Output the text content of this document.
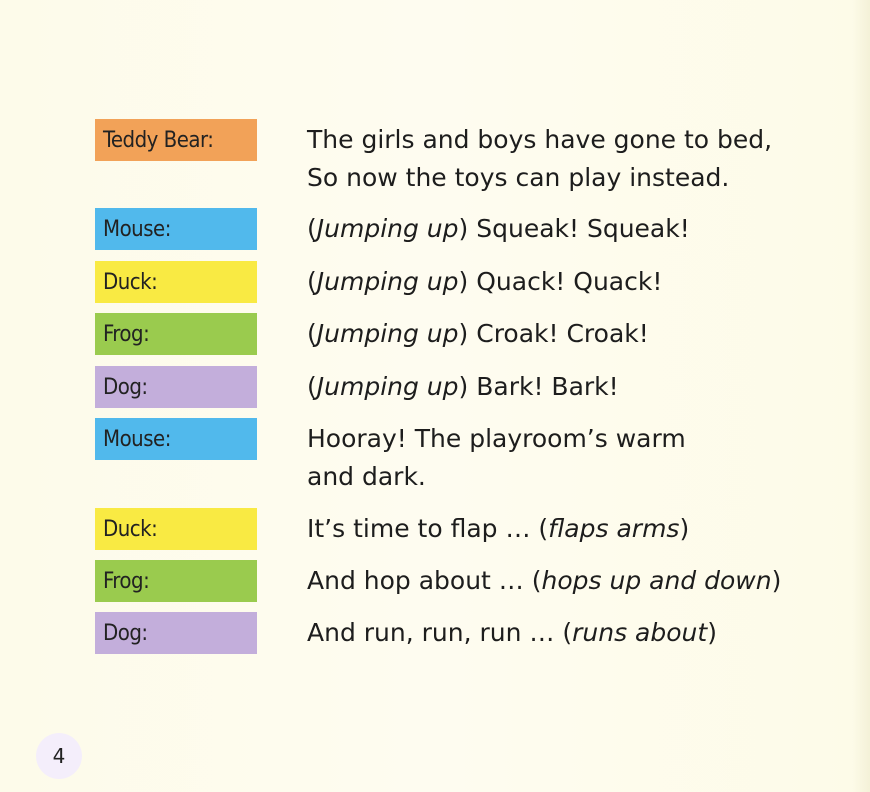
Teddy Bear:	The girls and boys have gone to bed,
So now the toys can play instead.
Mouse:	(Jumping up) Squeak! Squeak!
Duck:	(Jumping up) Quack! Quack!
Frog:	(Jumping up) Croak! Croak!
Dog:	(Jumping up) Bark! Bark!
Mouse:	Hooray! The playroom’s warm
and dark.
Duck:	It’s time to flap … (flaps arms)
Frog:	And hop about … (hops up and down)
Dog:	And run, run, run … (runs about)
4
